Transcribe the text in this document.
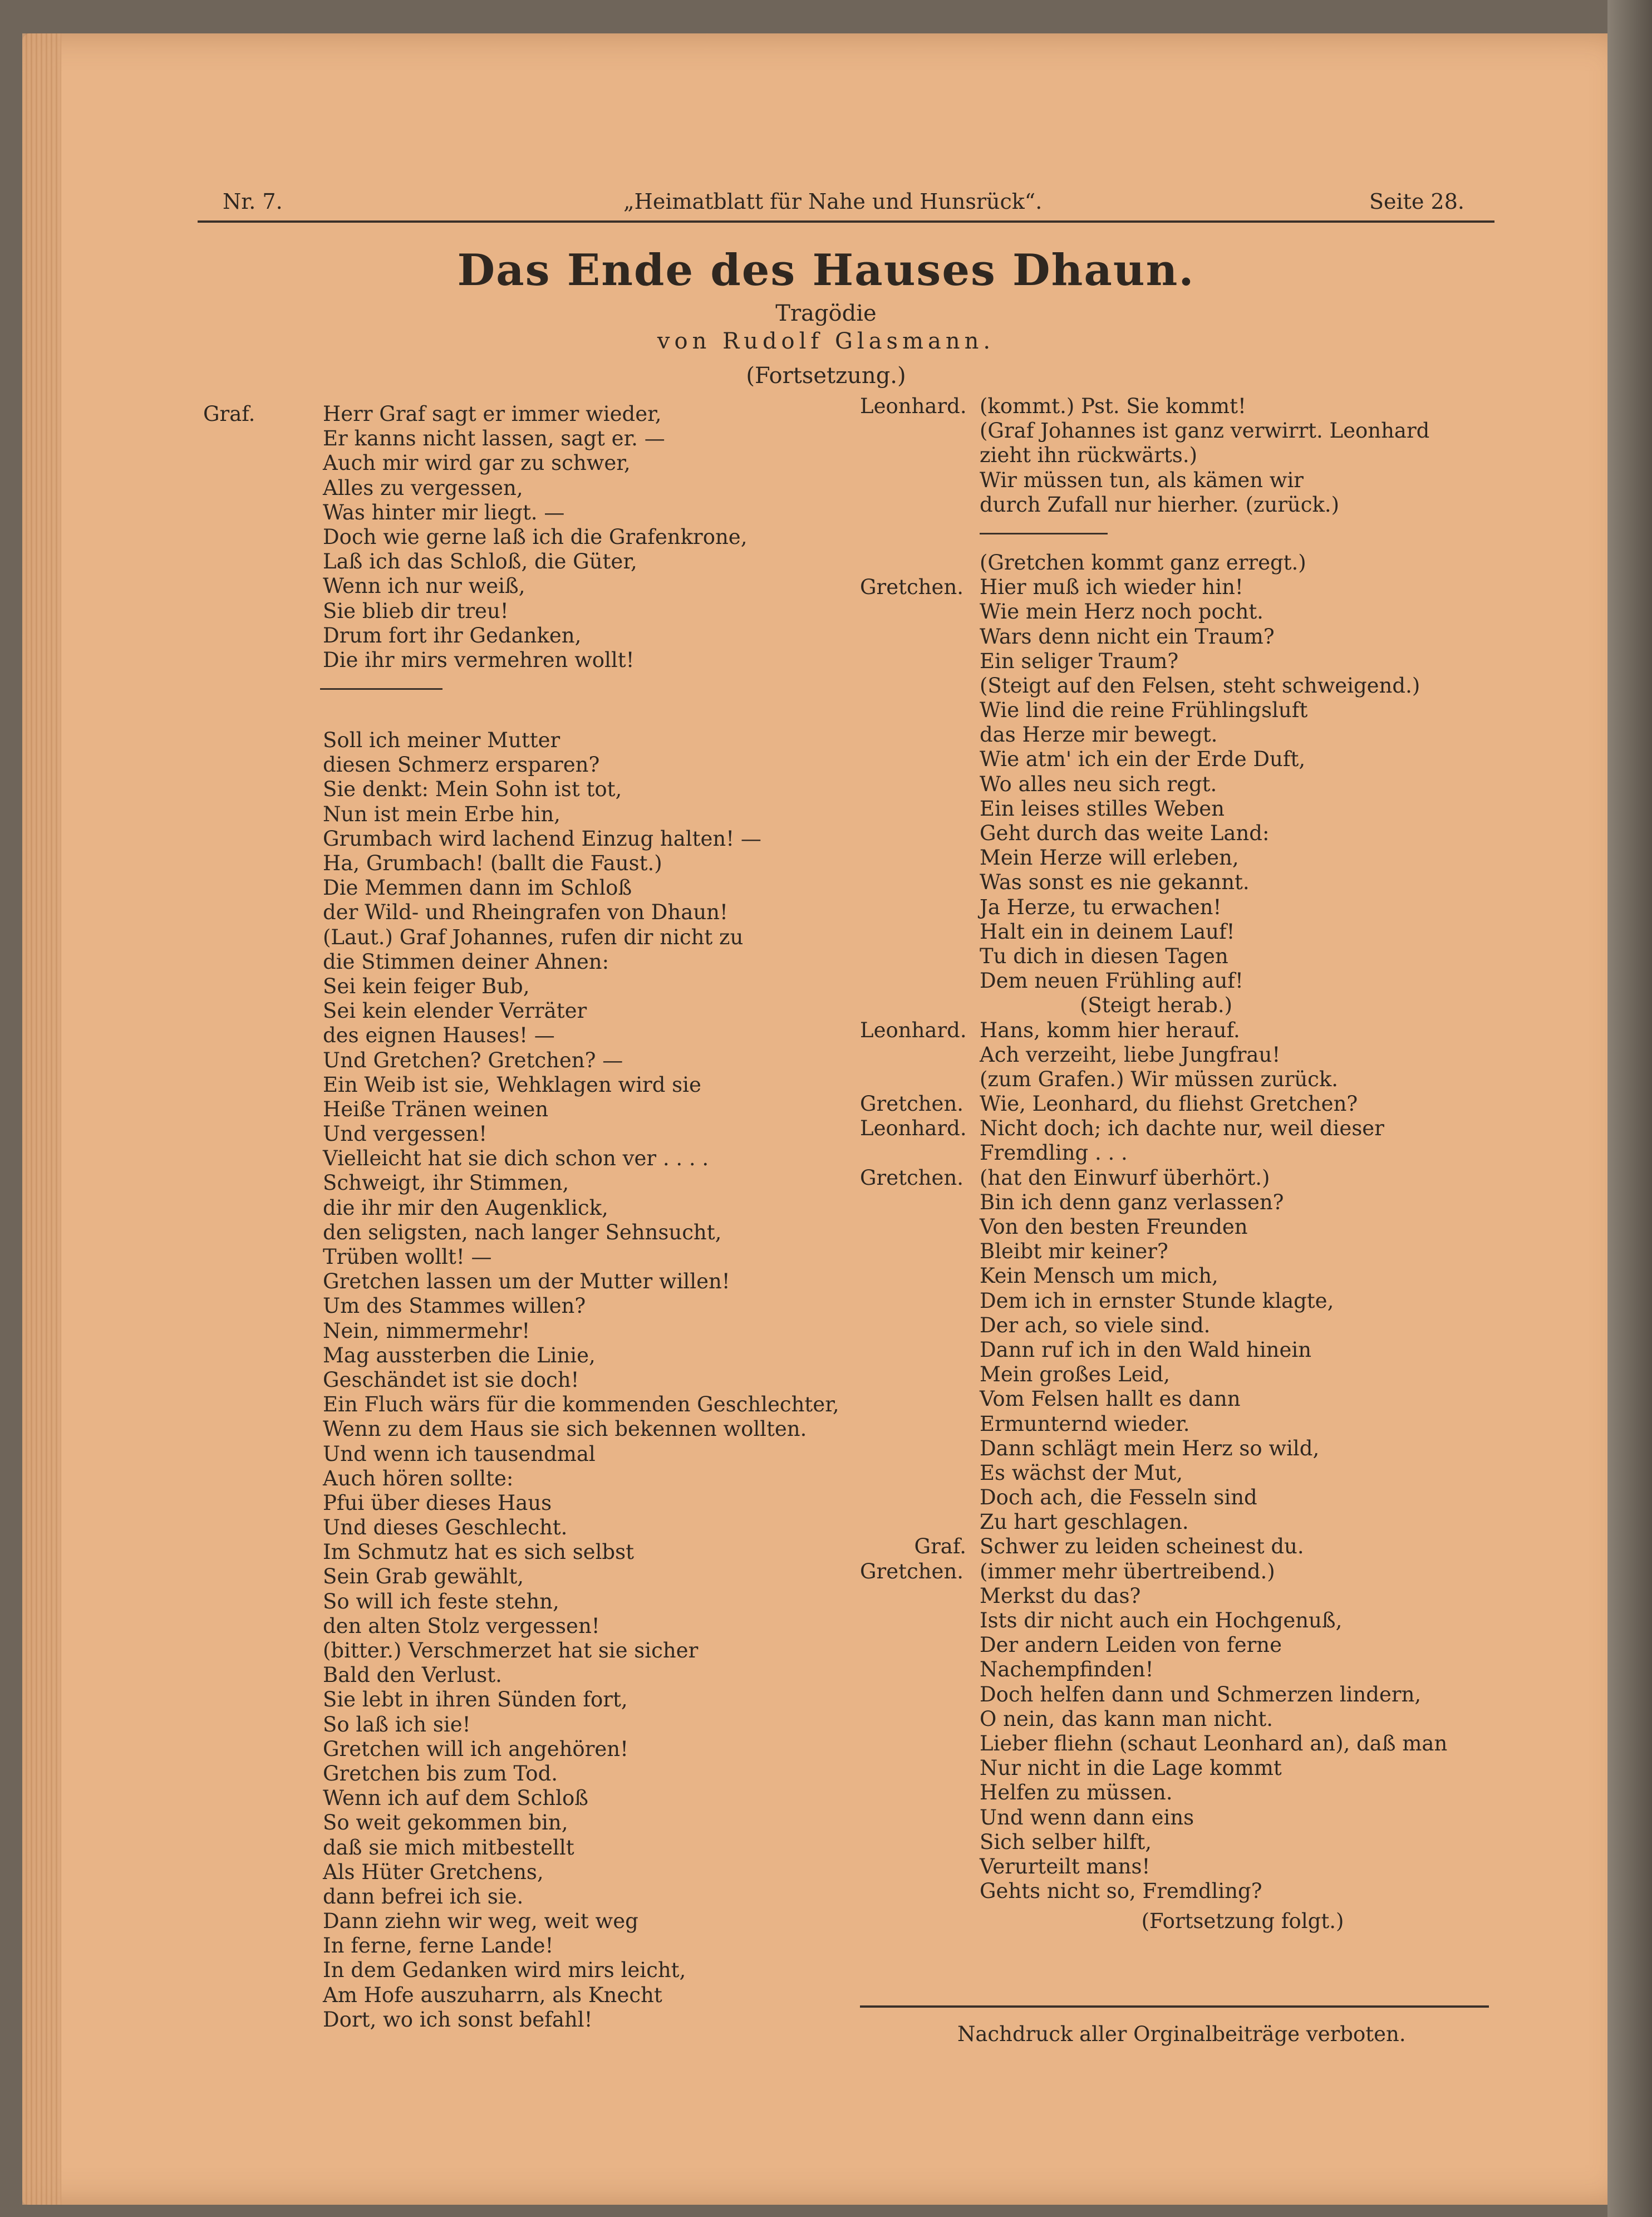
Nr. 7.	„Heimatblatt für Nahe und Hunsrück“.	Seite 28.
Das Ende des Hauses Dhaun.
Tragödie
von Rudolf Glasmann.
(Fortsetzung.)
Graf.	Herr Graf sagt er immer wieder,
Er kanns nicht lassen, sagt er. —
Auch mir wird gar zu schwer,
Alles zu vergessen,
Was hinter mir liegt. —
Doch wie gerne laß ich die Grafenkrone,
Laß ich das Schloß, die Güter,
Wenn ich nur weiß,
Sie blieb dir treu!
Drum fort ihr Gedanken,
Die ihr mirs vermehren wollt!
Soll ich meiner Mutter
diesen Schmerz ersparen?
Sie denkt: Mein Sohn ist tot,
Nun ist mein Erbe hin,
Grumbach wird lachend Einzug halten! —
Ha, Grumbach! (ballt die Faust.)
Die Memmen dann im Schloß
der Wild- und Rheingrafen von Dhaun!
(Laut.) Graf Johannes, rufen dir nicht zu
die Stimmen deiner Ahnen:
Sei kein feiger Bub,
Sei kein elender Verräter
des eignen Hauses! —
Und Gretchen? Gretchen? —
Ein Weib ist sie, Wehklagen wird sie
Heiße Tränen weinen
Und vergessen!
Vielleicht hat sie dich schon ver . . . .
Schweigt, ihr Stimmen,
die ihr mir den Augenklick,
den seligsten, nach langer Sehnsucht,
Trüben wollt! —
Gretchen lassen um der Mutter willen!
Um des Stammes willen?
Nein, nimmermehr!
Mag aussterben die Linie,
Geschändet ist sie doch!
Ein Fluch wärs für die kommenden Geschlechter,
Wenn zu dem Haus sie sich bekennen wollten.
Und wenn ich tausendmal
Auch hören sollte:
Pfui über dieses Haus
Und dieses Geschlecht.
Im Schmutz hat es sich selbst
Sein Grab gewählt,
So will ich feste stehn,
den alten Stolz vergessen!
(bitter.) Verschmerzet hat sie sicher
Bald den Verlust.
Sie lebt in ihren Sünden fort,
So laß ich sie!
Gretchen will ich angehören!
Gretchen bis zum Tod.
Wenn ich auf dem Schloß
So weit gekommen bin,
daß sie mich mitbestellt
Als Hüter Gretchens,
dann befrei ich sie.
Dann ziehn wir weg, weit weg
In ferne, ferne Lande!
In dem Gedanken wird mirs leicht,
Am Hofe auszuharrn, als Knecht
Dort, wo ich sonst befahl!
Leonhard. (kommt.) Pst. Sie kommt!
(Graf Johannes ist ganz verwirrt. Leonhard
zieht ihn rückwärts.)
Wir müssen tun, als kämen wir
durch Zufall nur hierher. (zurück.)
(Gretchen kommt ganz erregt.)
Gretchen. Hier muß ich wieder hin!
Wie mein Herz noch pocht.
Wars denn nicht ein Traum?
Ein seliger Traum?
(Steigt auf den Felsen, steht schweigend.)
Wie lind die reine Frühlingsluft
das Herze mir bewegt.
Wie atm' ich ein der Erde Duft,
Wo alles neu sich regt.
Ein leises stilles Weben
Geht durch das weite Land:
Mein Herze will erleben,
Was sonst es nie gekannt.
Ja Herze, tu erwachen!
Halt ein in deinem Lauf!
Tu dich in diesen Tagen
Dem neuen Frühling auf!
(Steigt herab.)
Leonhard. Hans, komm hier herauf.
Ach verzeiht, liebe Jungfrau!
(zum Grafen.) Wir müssen zurück.
Gretchen. Wie, Leonhard, du fliehst Gretchen?
Leonhard. Nicht doch; ich dachte nur, weil dieser
Fremdling . . .
Gretchen. (hat den Einwurf überhört.)
Bin ich denn ganz verlassen?
Von den besten Freunden
Bleibt mir keiner?
Kein Mensch um mich,
Dem ich in ernster Stunde klagte,
Der ach, so viele sind.
Dann ruf ich in den Wald hinein
Mein großes Leid,
Vom Felsen hallt es dann
Ermunternd wieder.
Dann schlägt mein Herz so wild,
Es wächst der Mut,
Doch ach, die Fesseln sind
Zu hart geschlagen.
Graf. Schwer zu leiden scheinest du.
Gretchen. (immer mehr übertreibend.)
Merkst du das?
Ists dir nicht auch ein Hochgenuß,
Der andern Leiden von ferne
Nachempfinden!
Doch helfen dann und Schmerzen lindern,
O nein, das kann man nicht.
Lieber fliehn (schaut Leonhard an), daß man
Nur nicht in die Lage kommt
Helfen zu müssen.
Und wenn dann eins
Sich selber hilft,
Verurteilt mans!
Gehts nicht so, Fremdling?
(Fortsetzung folgt.)
Nachdruck aller Orginalbeiträge verboten.
